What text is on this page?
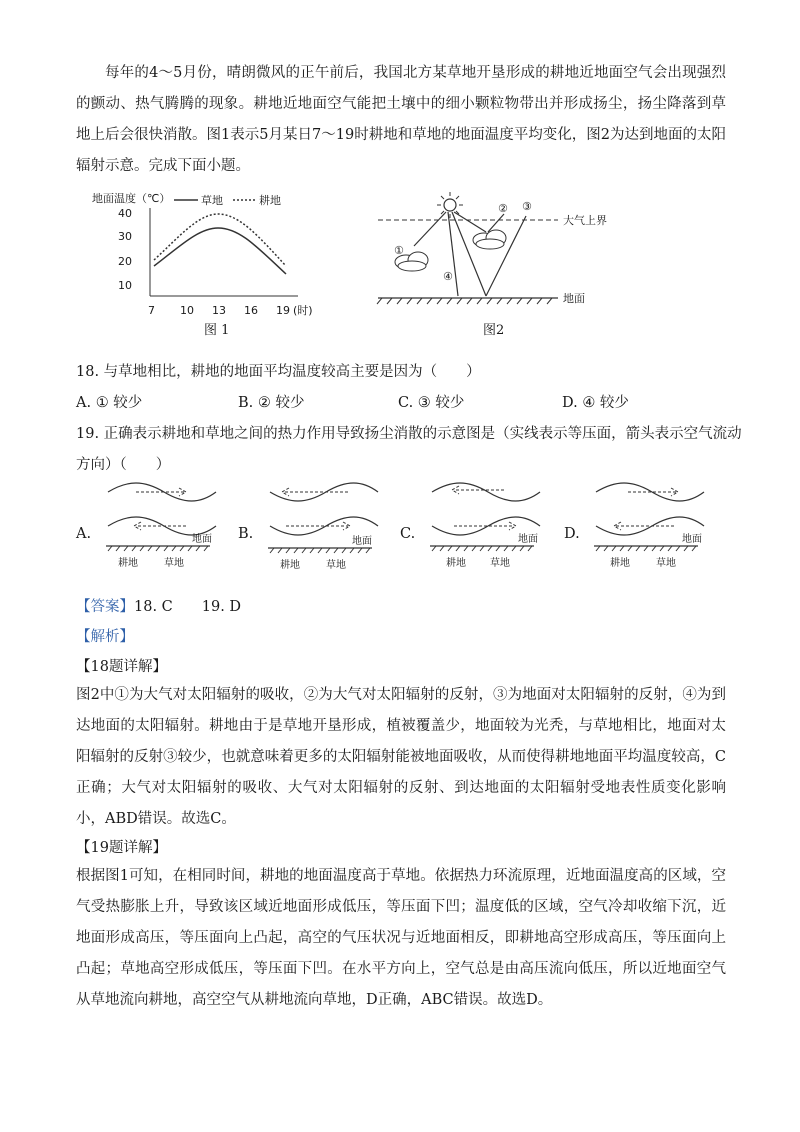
每年的4～5月份，晴朗微风的正午前后，我国北方某草地开垦形成的耕地近地面空气会出现强烈的颤动、热气腾腾的现象。耕地近地面空气能把土壤中的细小颗粒物带出并形成扬尘，扬尘降落到草地上后会很快消散。图1表示5月某日7～19时耕地和草地的地面温度平均变化，图2为达到地面的太阳辐射示意。完成下面小题。
地面温度（℃）	草地	耕地
40
30
20
10
7 10 13 16 19 (时)
图 1
大气上界
地面
①
② ③
④
图2
18. 与草地相比，耕地的地面平均温度较高主要是因为（　　）
A. ① 较少	B. ② 较少	C. ③ 较少	D. ④ 较少
19. 正确表示耕地和草地之间的热力作用导致扬尘消散的示意图是（实线表示等压面，箭头表示空气流动
方向）（　　）
A.	地面
耕地	草地
B.	地面
耕地	草地
C.	地面
耕地 草地
D.	地面
耕地	草地
【答案】18. C　　19. D
【解析】
【18题详解】
图2中①为大气对太阳辐射的吸收，②为大气对太阳辐射的反射，③为地面对太阳辐射的反射，④为到达地面的太阳辐射。耕地由于是草地开垦形成，植被覆盖少，地面较为光秃，与草地相比，地面对太阳辐射的反射③较少，也就意味着更多的太阳辐射能被地面吸收，从而使得耕地地面平均温度较高，C正确；大气对太阳辐射的吸收、大气对太阳辐射的反射、到达地面的太阳辐射受地表性质变化影响小，ABD错误。故选C。
【19题详解】
根据图1可知，在相同时间，耕地的地面温度高于草地。依据热力环流原理，近地面温度高的区域，空气受热膨胀上升，导致该区域近地面形成低压，等压面下凹；温度低的区域，空气冷却收缩下沉，近地面形成高压，等压面向上凸起，高空的气压状况与近地面相反，即耕地高空形成高压，等压面向上凸起；草地高空形成低压，等压面下凹。在水平方向上，空气总是由高压流向低压，所以近地面空气从草地流向耕地，高空空气从耕地流向草地，D正确，ABC错误。故选D。
